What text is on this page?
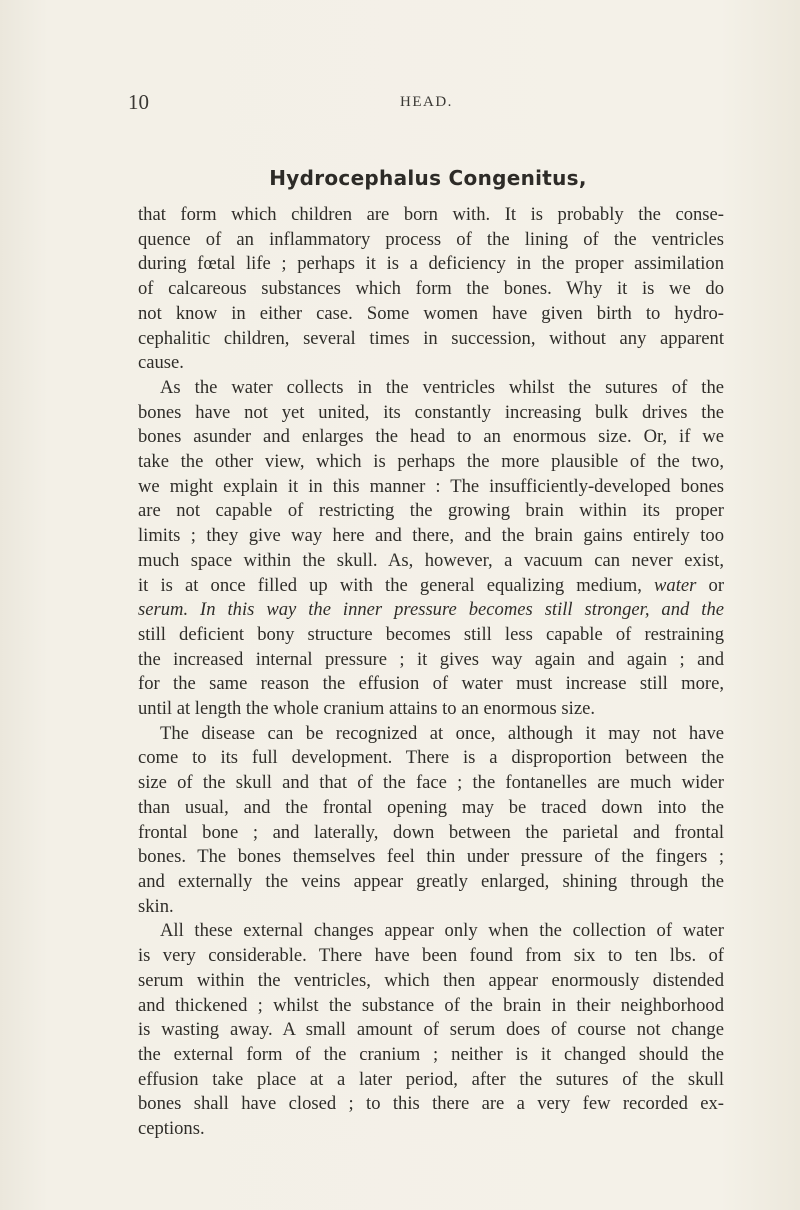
10	HEAD.
Hydrocephalus Congenitus,

that form which children are born with. It is probably the conse-
quence of an inflammatory process of the lining of the ventricles
during fœtal life ; perhaps it is a deficiency in the proper assimilation
of calcareous substances which form the bones. Why it is we do
not know in either case. Some women have given birth to hydro-
cephalitic children, several times in succession, without any apparent
cause.

As the water collects in the ventricles whilst the sutures of the
bones have not yet united, its constantly increasing bulk drives the
bones asunder and enlarges the head to an enormous size. Or, if we
take the other view, which is perhaps the more plausible of the two,
we might explain it in this manner : The insufficiently-developed bones
are not capable of restricting the growing brain within its proper
limits ; they give way here and there, and the brain gains entirely too
much space within the skull. As, however, a vacuum can never exist,
it is at once filled up with the general equalizing medium, water or
serum. In this way the inner pressure becomes still stronger, and the
still deficient bony structure becomes still less capable of restraining
the increased internal pressure ; it gives way again and again ; and
for the same reason the effusion of water must increase still more,
until at length the whole cranium attains to an enormous size.

The disease can be recognized at once, although it may not have
come to its full development. There is a disproportion between the
size of the skull and that of the face ; the fontanelles are much wider
than usual, and the frontal opening may be traced down into the
frontal bone ; and laterally, down between the parietal and frontal
bones. The bones themselves feel thin under pressure of the fingers ;
and externally the veins appear greatly enlarged, shining through the
skin.

All these external changes appear only when the collection of water
is very considerable. There have been found from six to ten lbs. of
serum within the ventricles, which then appear enormously distended
and thickened ; whilst the substance of the brain in their neighborhood
is wasting away. A small amount of serum does of course not change
the external form of the cranium ; neither is it changed should the
effusion take place at a later period, after the sutures of the skull
bones shall have closed ; to this there are a very few recorded ex-
ceptions.
